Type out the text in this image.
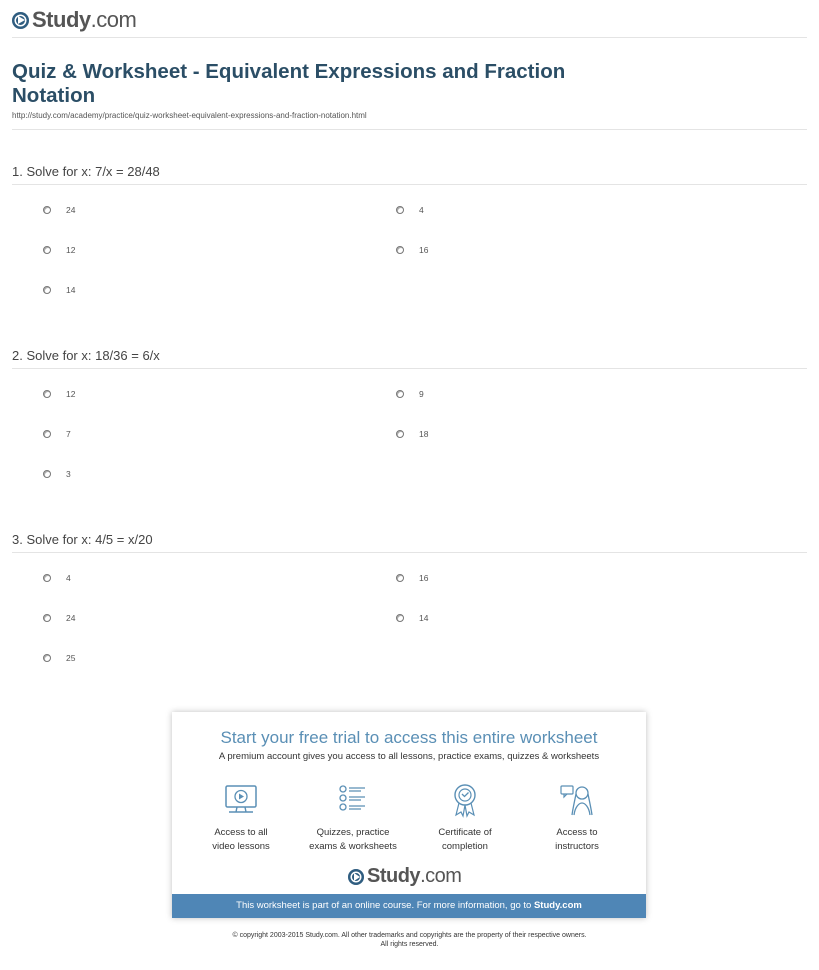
Study.com
Quiz & Worksheet - Equivalent Expressions and Fraction Notation
http://study.com/academy/practice/quiz-worksheet-equivalent-expressions-and-fraction-notation.html
1. Solve for x: 7/x = 28/48
24	4
12	16
14
2. Solve for x: 18/36 = 6/x
12	9
7	18
3
3. Solve for x: 4/5 = x/20
4	16
24	14
25
Start your free trial to access this entire worksheet
A premium account gives you access to all lessons, practice exams, quizzes & worksheets
Access to all
video lessons
Quizzes, practice
exams & worksheets
Certificate of
completion
Access to
instructors
Study.com
This worksheet is part of an online course. For more information, go to Study.com
© copyright 2003-2015 Study.com. All other trademarks and copyrights are the property of their respective owners.
All rights reserved.
